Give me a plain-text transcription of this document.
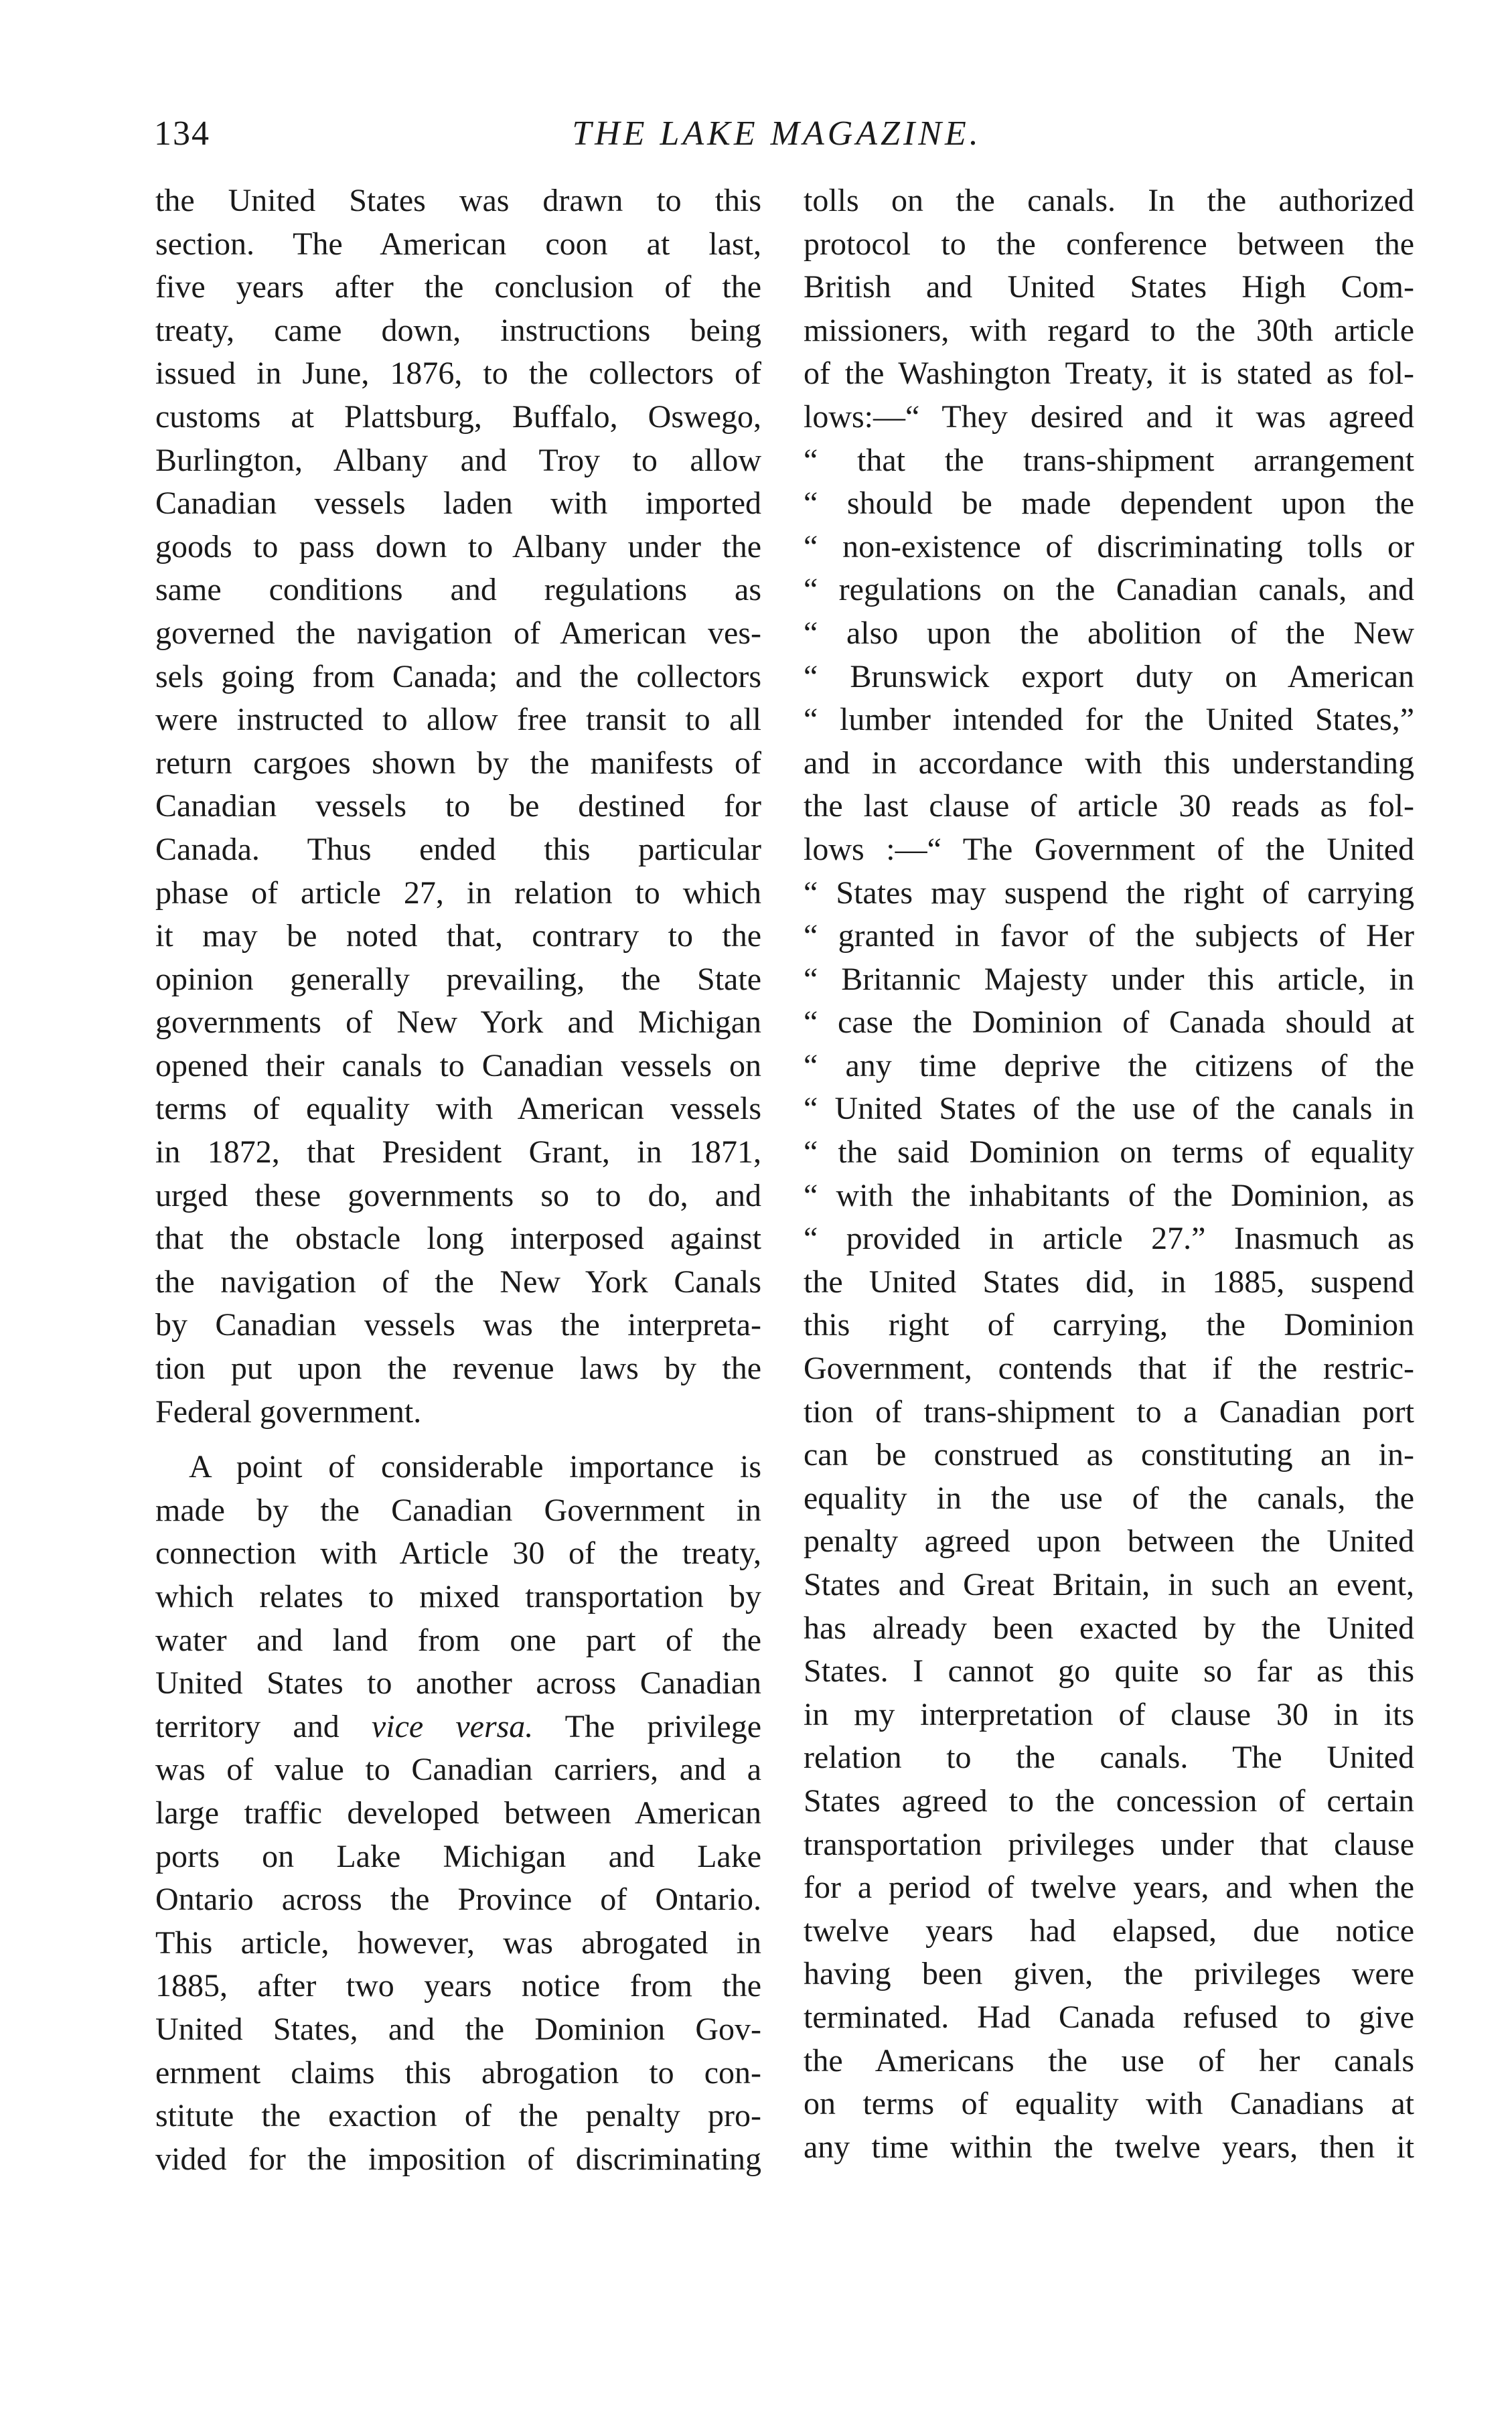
134	THE LAKE MAGAZINE.
the United States was drawn to this
section. The American coon at last,
five years after the conclusion of the
treaty, came down, instructions being
issued in June, 1876, to the collectors of
customs at Plattsburg, Buffalo, Oswego,
Burlington, Albany and Troy to allow
Canadian vessels laden with imported
goods to pass down to Albany under the
same conditions and regulations as
governed the navigation of American ves-
sels going from Canada; and the collectors
were instructed to allow free transit to all
return cargoes shown by the manifests of
Canadian vessels to be destined for
Canada. Thus ended this particular
phase of article 27, in relation to which
it may be noted that, contrary to the
opinion generally prevailing, the State
governments of New York and Michigan
opened their canals to Canadian vessels on
terms of equality with American vessels
in 1872, that President Grant, in 1871,
urged these governments so to do, and
that the obstacle long interposed against
the navigation of the New York Canals
by Canadian vessels was the interpreta-
tion put upon the revenue laws by the
Federal government.
A point of considerable importance is
made by the Canadian Government in
connection with Article 30 of the treaty,
which relates to mixed transportation by
water and land from one part of the
United States to another across Canadian
territory and vice versa. The privilege
was of value to Canadian carriers, and a
large traffic developed between American
ports on Lake Michigan and Lake
Ontario across the Province of Ontario.
This article, however, was abrogated in
1885, after two years notice from the
United States, and the Dominion Gov-
ernment claims this abrogation to con-
stitute the exaction of the penalty pro-
vided for the imposition of discriminating
tolls on the canals. In the authorized
protocol to the conference between the
British and United States High Com-
missioners, with regard to the 30th article
of the Washington Treaty, it is stated as fol-
lows:—“ They desired and it was agreed
“ that the trans-shipment arrangement
“ should be made dependent upon the
“ non-existence of discriminating tolls or
“ regulations on the Canadian canals, and
“ also upon the abolition of the New
“ Brunswick export duty on American
“ lumber intended for the United States,”
and in accordance with this understanding
the last clause of article 30 reads as fol-
lows :—“ The Government of the United
“ States may suspend the right of carrying
“ granted in favor of the subjects of Her
“ Britannic Majesty under this article, in
“ case the Dominion of Canada should at
“ any time deprive the citizens of the
“ United States of the use of the canals in
“ the said Dominion on terms of equality
“ with the inhabitants of the Dominion, as
“ provided in article 27.” Inasmuch as
the United States did, in 1885, suspend
this right of carrying, the Dominion
Government, contends that if the restric-
tion of trans-shipment to a Canadian port
can be construed as constituting an in-
equality in the use of the canals, the
penalty agreed upon between the United
States and Great Britain, in such an event,
has already been exacted by the United
States. I cannot go quite so far as this
in my interpretation of clause 30 in its
relation to the canals. The United
States agreed to the concession of certain
transportation privileges under that clause
for a period of twelve years, and when the
twelve years had elapsed, due notice
having been given, the privileges were
terminated. Had Canada refused to give
the Americans the use of her canals
on terms of equality with Canadians at
any time within the twelve years, then it
